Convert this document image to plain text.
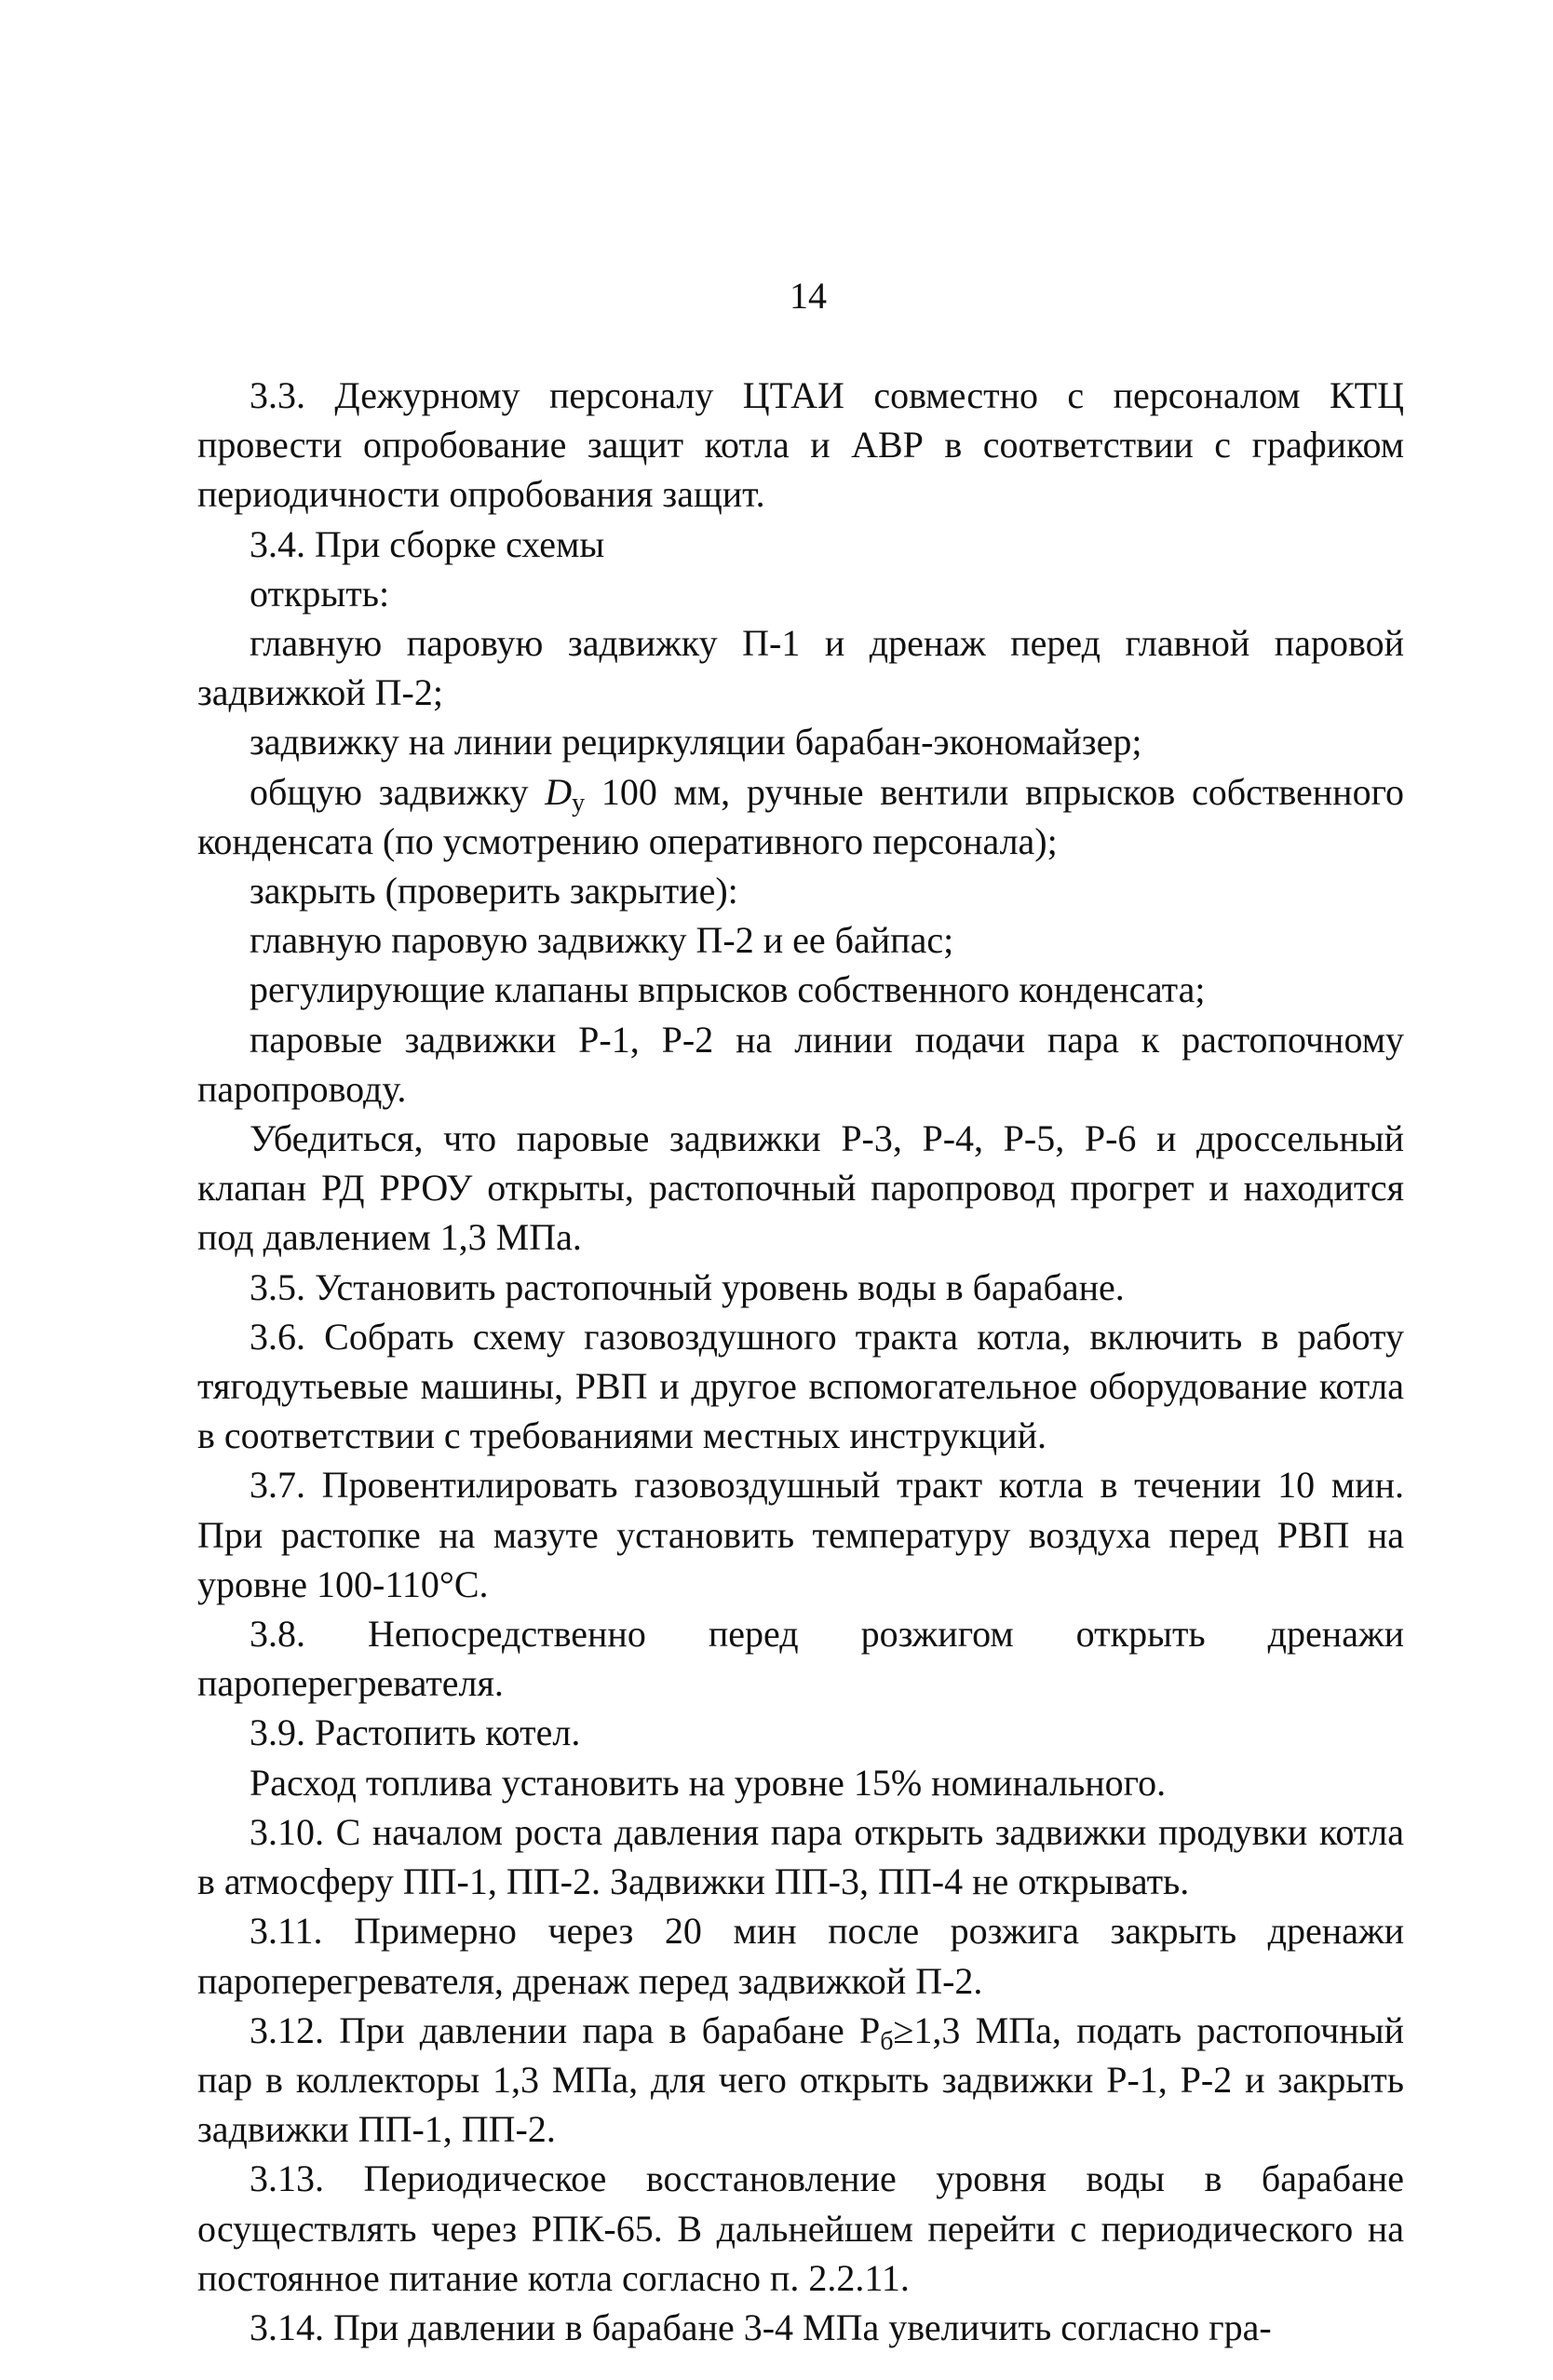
14

3.3. Дежурному персоналу ЦТАИ совместно с персоналом КТЦ провести опробование защит котла и АВР в соответствии с графиком периодичности опробования защит.

3.4. При сборке схемы

открыть:

главную паровую задвижку П-1 и дренаж перед главной паровой задвижкой П-2;

задвижку на линии рециркуляции барабан-экономайзер;

общую задвижку $D_у$ 100 мм, ручные вентили впрысков собственного конденсата (по усмотрению оперативного персонала);

закрыть (проверить закрытие):

главную паровую задвижку П-2 и ее байпас;

регулирующие клапаны впрысков собственного конденсата;

паровые задвижки Р-1, Р-2 на линии подачи пара к растопочному паропроводу.

Убедиться, что паровые задвижки Р-3, Р-4, Р-5, Р-6 и дроссельный клапан РД РРОУ открыты, растопочный паропровод прогрет и находится под давлением 1,3 МПа.

3.5. Установить растопочный уровень воды в барабане.

3.6. Собрать схему газовоздушного тракта котла, включить в работу тягодутьевые машины, РВП и другое вспомогательное оборудование котла в соответствии с требованиями местных инструкций.

3.7. Провентилировать газовоздушный тракт котла в течении 10 мин. При растопке на мазуте установить температуру воздуха перед РВП на уровне 100-110°С.

3.8. Непосредственно перед розжигом открыть дренажи пароперегревателя.

3.9. Растопить котел.

Расход топлива установить на уровне 15% номинального.

3.10. С началом роста давления пара открыть задвижки продувки котла в атмосферу ПП-1, ПП-2. Задвижки ПП-3, ПП-4 не открывать.

3.11. Примерно через 20 мин после розжига закрыть дренажи пароперегревателя, дренаж перед задвижкой П-2.

3.12. При давлении пара в барабане $Р_б\ge 1,3$ МПа, подать растопочный пар в коллекторы 1,3 МПа, для чего открыть задвижки Р-1, Р-2 и закрыть задвижки ПП-1, ПП-2.

3.13. Периодическое восстановление уровня воды в барабане осуществлять через РПК-65. В дальнейшем перейти с периодического на постоянное питание котла согласно п. 2.2.11.

3.14. При давлении в барабане 3-4 МПа увеличить согласно гра-
